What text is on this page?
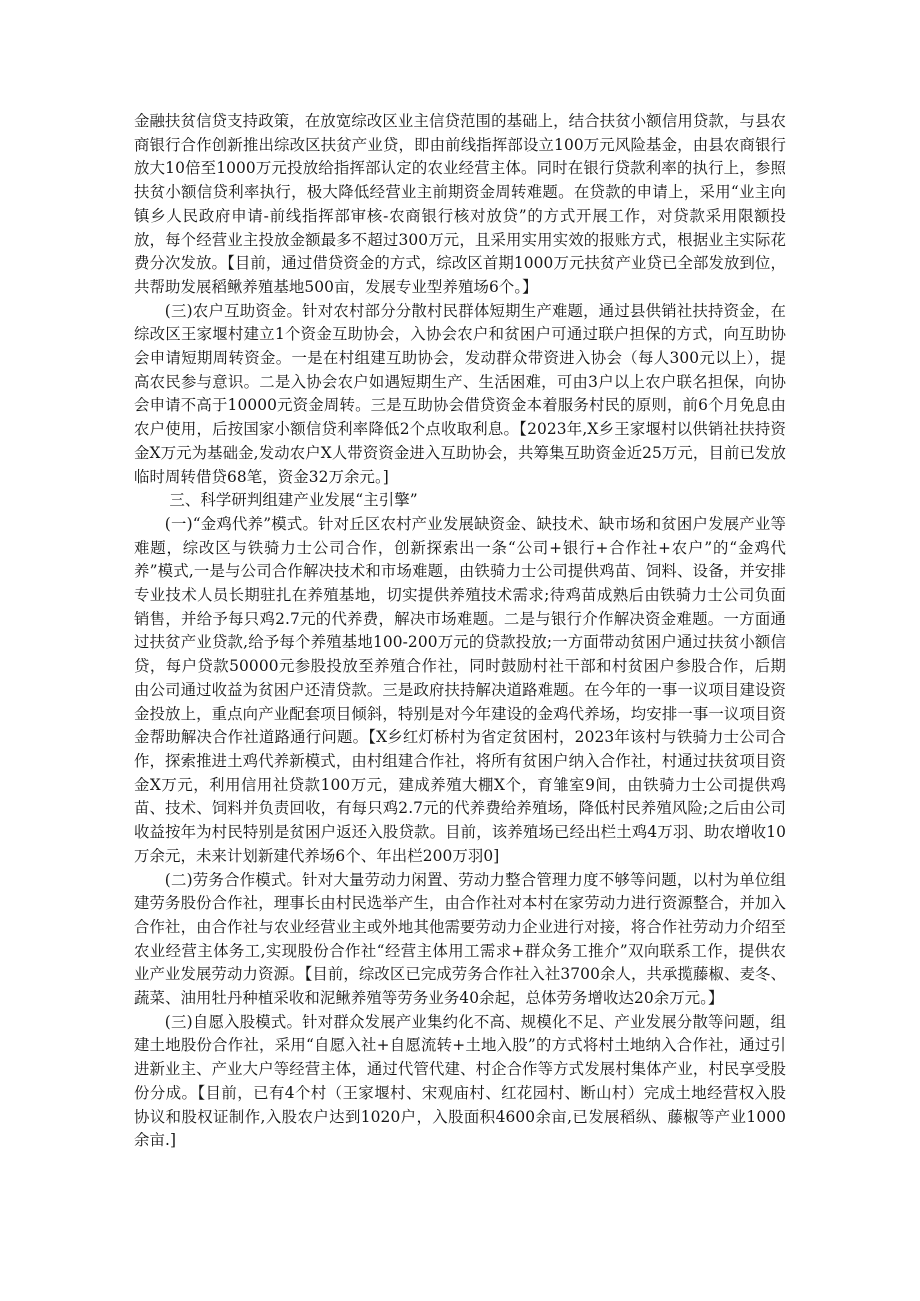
金融扶贫信贷支持政策，在放宽综改区业主信贷范围的基础上，结合扶贫小额信用贷款，与县农商银行合作创新推出综改区扶贫产业贷，即由前线指挥部设立100万元风险基金，由县农商银行放大10倍至1000万元投放给指挥部认定的农业经营主体。同时在银行贷款利率的执行上，参照扶贫小额信贷利率执行，极大降低经营业主前期资金周转难题。在贷款的申请上，采用“业主向镇乡人民政府申请-前线指挥部审核-农商银行核对放贷”的方式开展工作，对贷款采用限额投放，每个经营业主投放金额最多不超过300万元，且采用实用实效的报账方式，根据业主实际花费分次发放。【目前，通过借贷资金的方式，综改区首期1000万元扶贫产业贷已全部发放到位，共帮助发展稻鳅养殖基地500亩，发展专业型养殖场6个。】

(三)农户互助资金。针对农村部分分散村民群体短期生产难题，通过县供销社扶持资金，在综改区王家堰村建立1个资金互助协会，入协会农户和贫困户可通过联户担保的方式，向互助协会申请短期周转资金。一是在村组建互助协会，发动群众带资进入协会（每人300元以上），提高农民参与意识。二是入协会农户如遇短期生产、生活困难，可由3户以上农户联名担保，向协会申请不高于10000元资金周转。三是互助协会借贷资金本着服务村民的原则，前6个月免息由农户使用，后按国家小额信贷利率降低2个点收取利息。【2023年,X乡王家堰村以供销社扶持资金X万元为基础金,发动农户X人带资资金进入互助协会，共筹集互助资金近25万元，目前已发放临时周转借贷68笔，资金32万余元。]

三、科学研判组建产业发展“主引擎”

(一)“金鸡代养”模式。针对丘区农村产业发展缺资金、缺技术、缺市场和贫困户发展产业等难题，综改区与铁骑力士公司合作，创新探索出一条“公司+银行+合作社+农户”的“金鸡代养”模式,一是与公司合作解决技术和市场难题，由铁骑力士公司提供鸡苗、饲料、设备，并安排专业技术人员长期驻扎在养殖基地，切实提供养殖技术需求;待鸡苗成熟后由铁骑力士公司负面销售，并给予每只鸡2.7元的代养费，解决市场难题。二是与银行介作解决资金难题。一方面通过扶贫产业贷款,给予每个养殖基地100-200万元的贷款投放;一方面带动贫困户通过扶贫小额信贷，每户贷款50000元参股投放至养殖合作社，同时鼓励村社干部和村贫困户参股合作，后期由公司通过收益为贫困户还清贷款。三是政府扶持解决道路难题。在今年的一事一议项目建设资金投放上，重点向产业配套项目倾斜，特别是对今年建设的金鸡代养场，均安排一事一议项目资金帮助解决合作社道路通行问题。【X乡红灯桥村为省定贫困村，2023年该村与铁骑力士公司合作，探索推进土鸡代养新模式，由村组建合作社，将所有贫困户纳入合作社，村通过扶贫项目资金X万元，利用信用社贷款100万元，建成养殖大棚X个，育雏室9间，由铁骑力士公司提供鸡苗、技术、饲料并负责回收，有每只鸡2.7元的代养费给养殖场，降低村民养殖风险;之后由公司收益按年为村民特别是贫困户返还入股贷款。目前，该养殖场已经出栏土鸡4万羽、助农增收10万余元，未来计划新建代养场6个、年出栏200万羽0]

(二)劳务合作模式。针对大量劳动力闲置、劳动力整合管理力度不够等问题，以村为单位组建劳务股份合作社，理事长由村民选举产生，由合作社对本村在家劳动力进行资源整合，并加入合作社，由合作社与农业经营业主或外地其他需要劳动力企业进行对接，将合作社劳动力介绍至农业经营主体务工,实现股份合作社“经营主体用工需求+群众务工推介”双向联系工作，提供农业产业发展劳动力资源。【目前，综改区已完成劳务合作社入社3700余人，共承揽藤椒、麦冬、蔬菜、油用牡丹种植采收和泥鳅养殖等劳务业务40余起，总体劳务增收达20余万元。】

(三)自愿入股模式。针对群众发展产业集约化不高、规模化不足、产业发展分散等问题，组建土地股份合作社，采用“自愿入社+自愿流转+土地入股”的方式将村土地纳入合作社，通过引进新业主、产业大户等经营主体，通过代管代建、村企合作等方式发展村集体产业，村民享受股份分成。【目前，已有4个村（王家堰村、宋观庙村、红花园村、断山村）完成土地经营权入股协议和股权证制作,入股农户达到1020户，入股面积4600余亩,已发展稻纵、藤椒等产业1000余亩.]
